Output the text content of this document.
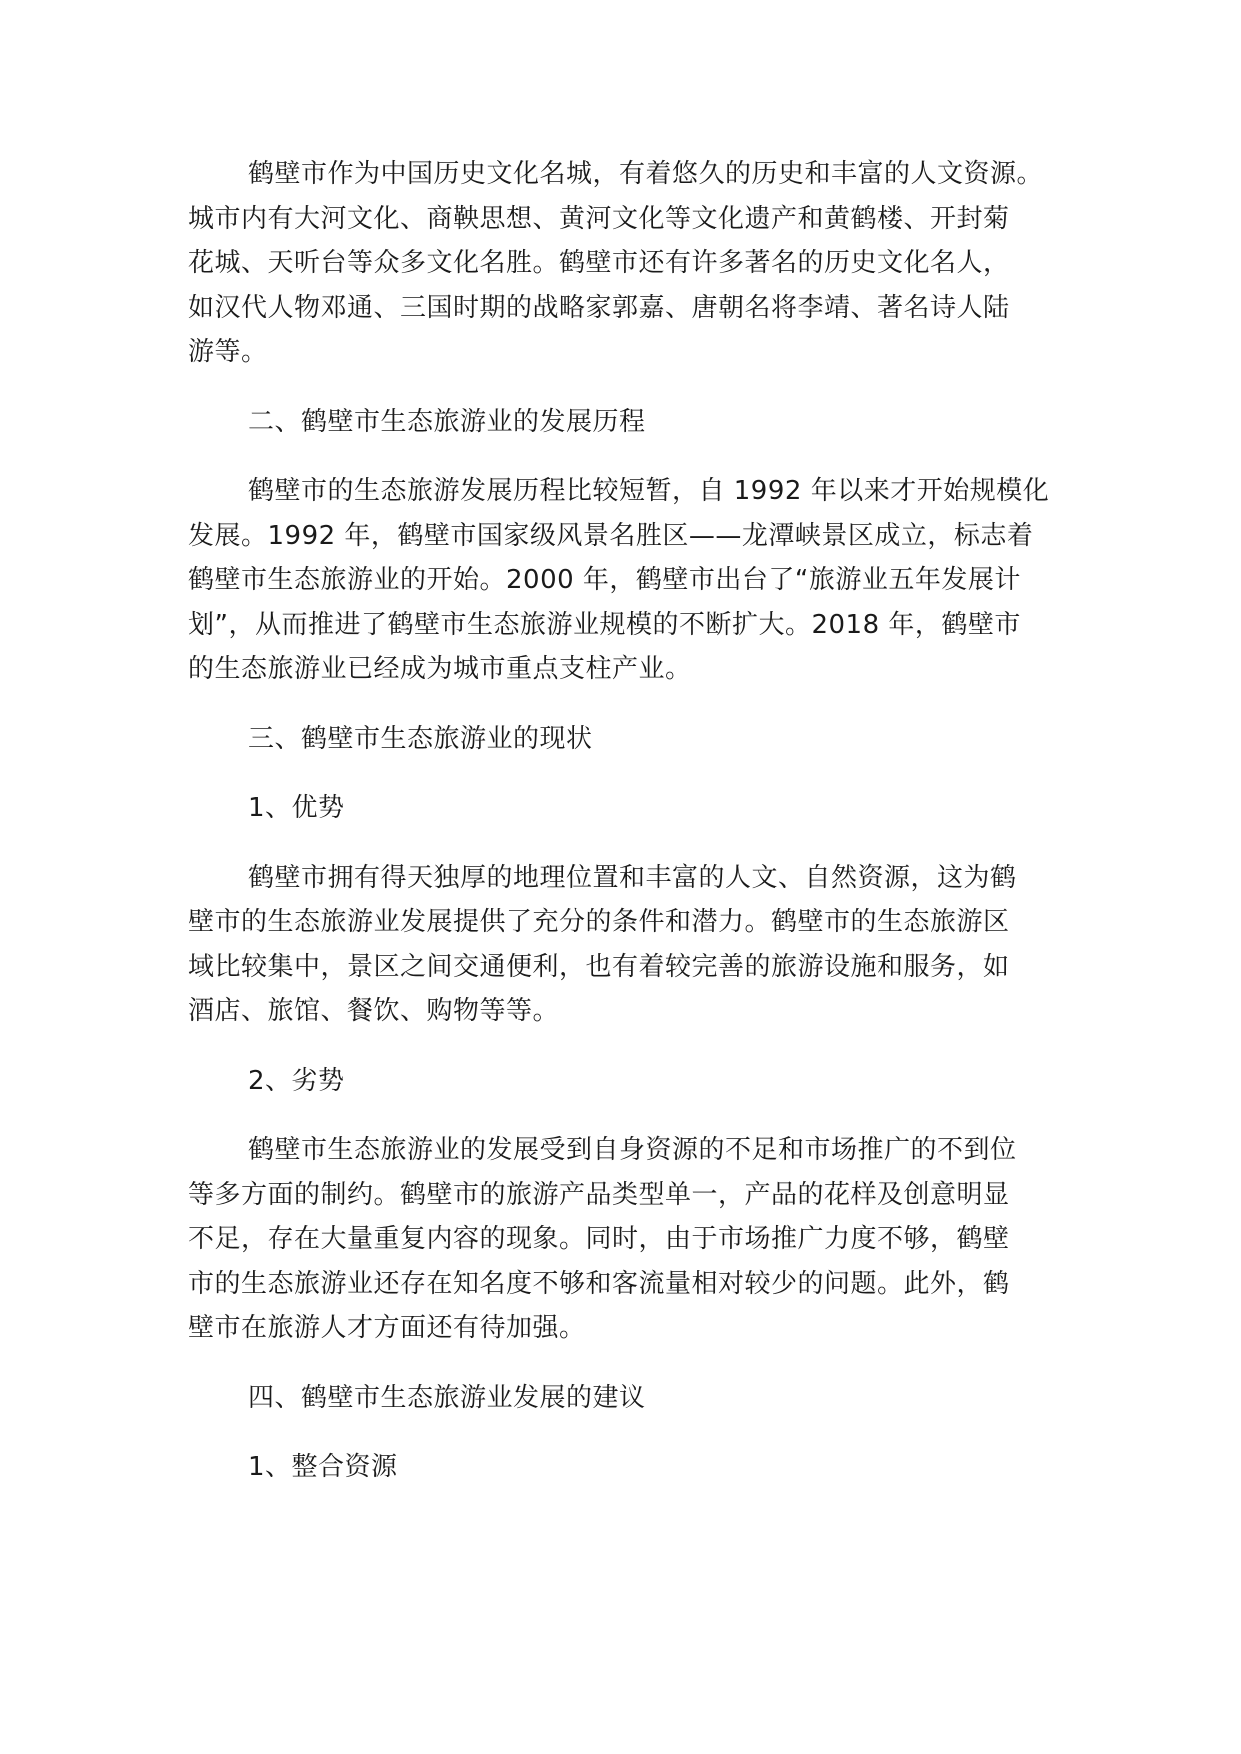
鹤壁市作为中国历史文化名城，有着悠久的历史和丰富的人文资源。
城市内有大河文化、商鞅思想、黄河文化等文化遗产和黄鹤楼、开封菊
花城、天听台等众多文化名胜。鹤壁市还有许多著名的历史文化名人，
如汉代人物邓通、三国时期的战略家郭嘉、唐朝名将李靖、著名诗人陆
游等。
二、鹤壁市生态旅游业的发展历程
鹤壁市的生态旅游发展历程比较短暂，自 1992 年以来才开始规模化
发展。1992 年，鹤壁市国家级风景名胜区——龙潭峡景区成立，标志着
鹤壁市生态旅游业的开始。2000 年，鹤壁市出台了“旅游业五年发展计
划”，从而推进了鹤壁市生态旅游业规模的不断扩大。2018 年，鹤壁市
的生态旅游业已经成为城市重点支柱产业。
三、鹤壁市生态旅游业的现状
1、优势
鹤壁市拥有得天独厚的地理位置和丰富的人文、自然资源，这为鹤
壁市的生态旅游业发展提供了充分的条件和潜力。鹤壁市的生态旅游区
域比较集中，景区之间交通便利，也有着较完善的旅游设施和服务，如
酒店、旅馆、餐饮、购物等等。
2、劣势
鹤壁市生态旅游业的发展受到自身资源的不足和市场推广的不到位
等多方面的制约。鹤壁市的旅游产品类型单一，产品的花样及创意明显
不足，存在大量重复内容的现象。同时，由于市场推广力度不够，鹤壁
市的生态旅游业还存在知名度不够和客流量相对较少的问题。此外，鹤
壁市在旅游人才方面还有待加强。
四、鹤壁市生态旅游业发展的建议
1、整合资源
